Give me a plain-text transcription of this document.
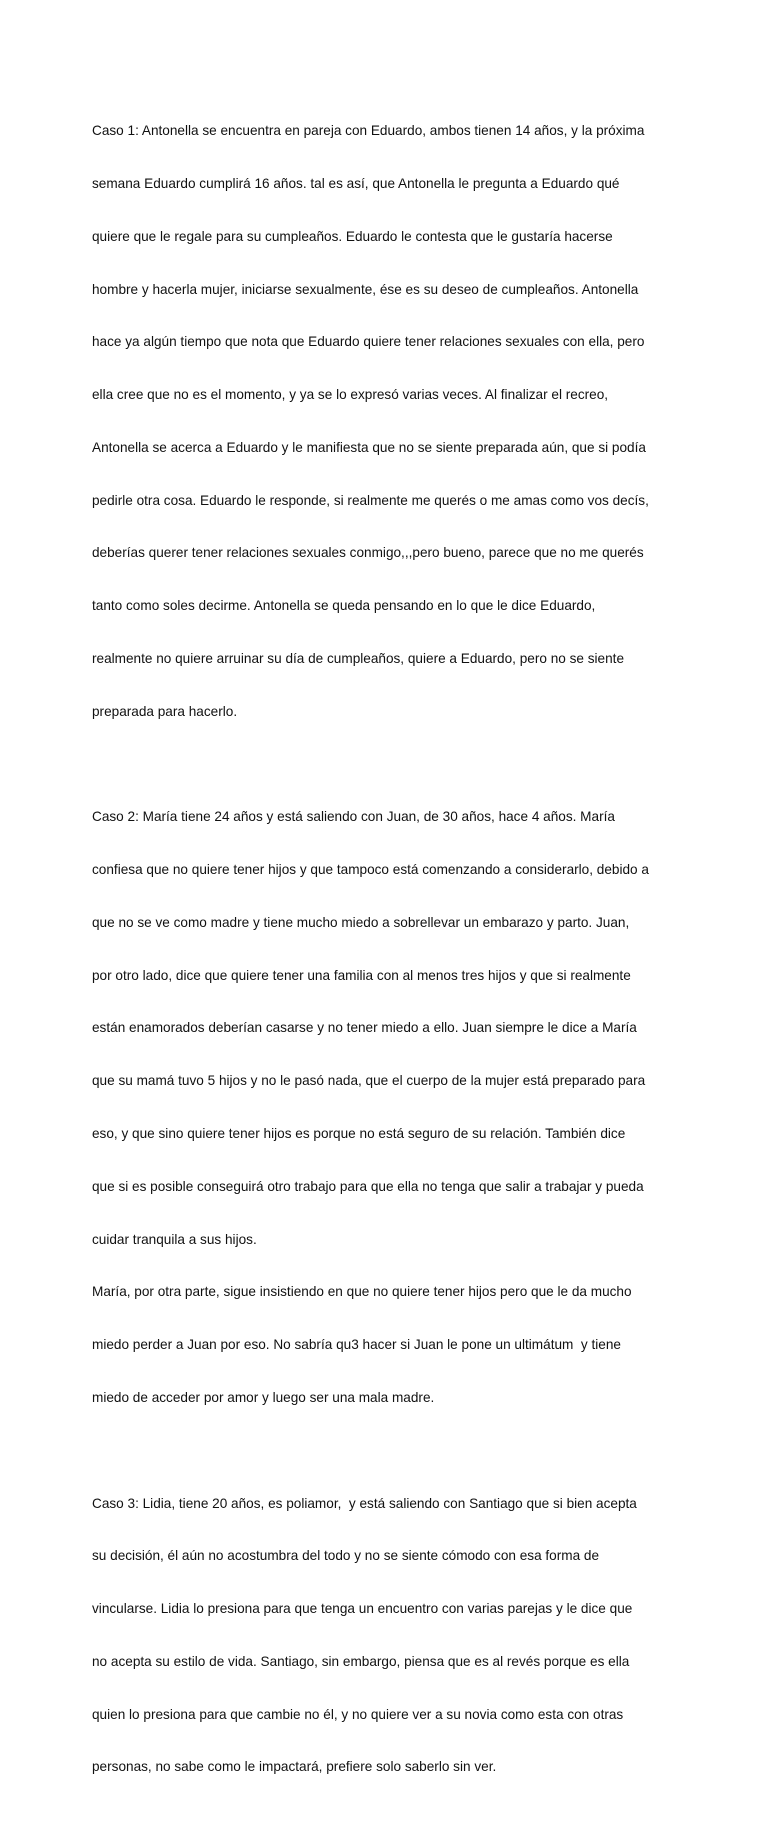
Caso 1: Antonella se encuentra en pareja con Eduardo, ambos tienen 14 años, y la próxima

semana Eduardo cumplirá 16 años. tal es así, que Antonella le pregunta a Eduardo qué

quiere que le regale para su cumpleaños. Eduardo le contesta que le gustaría hacerse

hombre y hacerla mujer, iniciarse sexualmente, ése es su deseo de cumpleaños. Antonella

hace ya algún tiempo que nota que Eduardo quiere tener relaciones sexuales con ella, pero

ella cree que no es el momento, y ya se lo expresó varias veces. Al finalizar el recreo,

Antonella se acerca a Eduardo y le manifiesta que no se siente preparada aún, que si podía

pedirle otra cosa. Eduardo le responde, si realmente me querés o me amas como vos decís,

deberías querer tener relaciones sexuales conmigo,,,pero bueno, parece que no me querés

tanto como soles decirme. Antonella se queda pensando en lo que le dice Eduardo,

realmente no quiere arruinar su día de cumpleaños, quiere a Eduardo, pero no se siente

preparada para hacerlo.

Caso 2: María tiene 24 años y está saliendo con Juan, de 30 años, hace 4 años. María

confiesa que no quiere tener hijos y que tampoco está comenzando a considerarlo, debido a

que no se ve como madre y tiene mucho miedo a sobrellevar un embarazo y parto. Juan,

por otro lado, dice que quiere tener una familia con al menos tres hijos y que si realmente

están enamorados deberían casarse y no tener miedo a ello. Juan siempre le dice a María

que su mamá tuvo 5 hijos y no le pasó nada, que el cuerpo de la mujer está preparado para

eso, y que sino quiere tener hijos es porque no está seguro de su relación. También dice

que si es posible conseguirá otro trabajo para que ella no tenga que salir a trabajar y pueda

cuidar tranquila a sus hijos.

María, por otra parte, sigue insistiendo en que no quiere tener hijos pero que le da mucho

miedo perder a Juan por eso. No sabría qu3 hacer si Juan le pone un ultimátum  y tiene

miedo de acceder por amor y luego ser una mala madre.

Caso 3: Lidia, tiene 20 años, es poliamor,  y está saliendo con Santiago que si bien acepta

su decisión, él aún no acostumbra del todo y no se siente cómodo con esa forma de

vincularse. Lidia lo presiona para que tenga un encuentro con varias parejas y le dice que

no acepta su estilo de vida. Santiago, sin embargo, piensa que es al revés porque es ella

quien lo presiona para que cambie no él, y no quiere ver a su novia como esta con otras

personas, no sabe como le impactará, prefiere solo saberlo sin ver.
